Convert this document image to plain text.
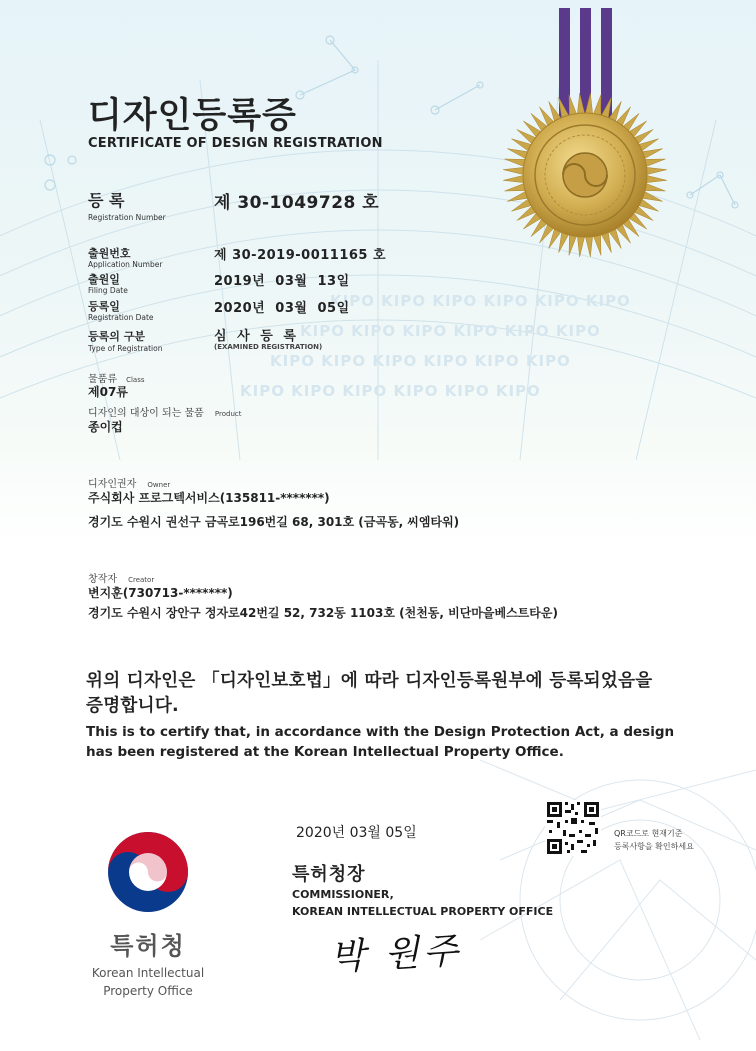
KIPO KIPO KIPO KIPO KIPO KIPO
KIPO KIPO KIPO KIPO KIPO KIPO
KIPO KIPO KIPO KIPO KIPO KIPO
KIPO KIPO KIPO KIPO KIPO KIPO
디자인등록증
CERTIFICATE OF DESIGN REGISTRATION
등 록
Registration Number
제 30-1049728 호
출원번호
Application Number
제 30-2019-0011165 호
출원일
Filing Date
2019년  03월  13일
등록일
Registration Date
2020년  03월  05일
등록의 구분
Type of Registration
심  사  등  록
(EXAMINED REGISTRATION)
물품류 Class
제07류
디자인의 대상이 되는 물품 Product
종이컵
디자인권자 Owner
주식회사 프로그텍서비스(135811-*******)
경기도 수원시 권선구 금곡로196번길 68, 301호 (금곡동, 씨엠타워)
창작자 Creator
변지훈(730713-*******)
경기도 수원시 장안구 정자로42번길 52, 732동 1103호 (천천동, 비단마을베스트타운)
위의 디자인은 「디자인보호법」에 따라 디자인등록원부에 등록되었음을
증명합니다.
This is to certify that, in accordance with the Design Protection Act, a design
has been registered at the Korean Intellectual Property Office.
2020년 03월 05일	QR코드로 현재기준
등록사항을 확인하세요
특허청장
COMMISSIONER,
KOREAN INTELLECTUAL PROPERTY OFFICE
박 원주
특허청
Korean Intellectual
Property Office
